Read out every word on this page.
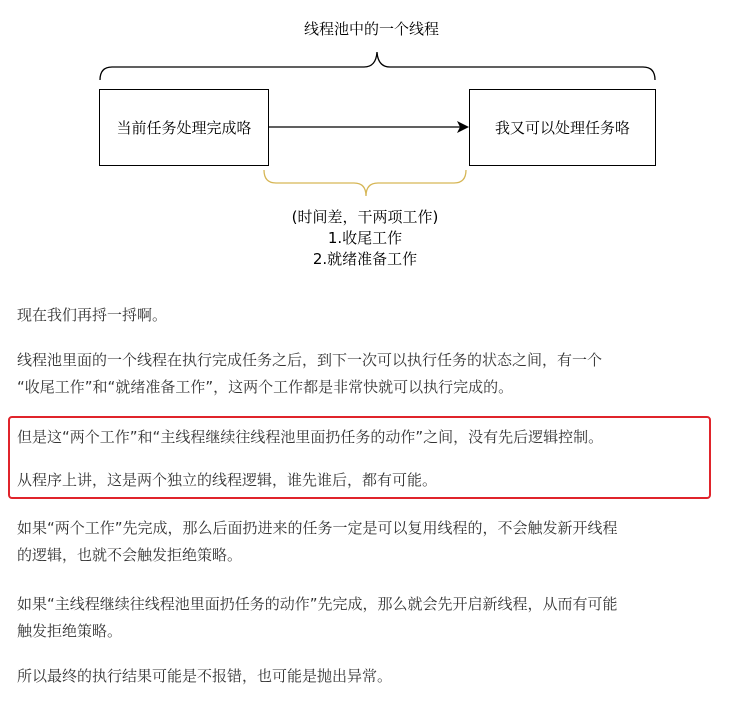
线程池中的一个线程
当前任务处理完成咯	我又可以处理任务咯
(时间差，干两项工作)
1.收尾工作
2.就绪准备工作

现在我们再捋一捋啊。

线程池里面的一个线程在执行完成任务之后，到下一次可以执行任务的状态之间，有一个

“收尾工作”和“就绪准备工作”，这两个工作都是非常快就可以执行完成的。

但是这“两个工作”和“主线程继续往线程池里面扔任务的动作”之间，没有先后逻辑控制。

从程序上讲，这是两个独立的线程逻辑，谁先谁后，都有可能。

如果“两个工作”先完成，那么后面扔进来的任务一定是可以复用线程的，不会触发新开线程

的逻辑，也就不会触发拒绝策略。

如果“主线程继续往线程池里面扔任务的动作”先完成，那么就会先开启新线程，从而有可能

触发拒绝策略。

所以最终的执行结果可能是不报错，也可能是抛出异常。
